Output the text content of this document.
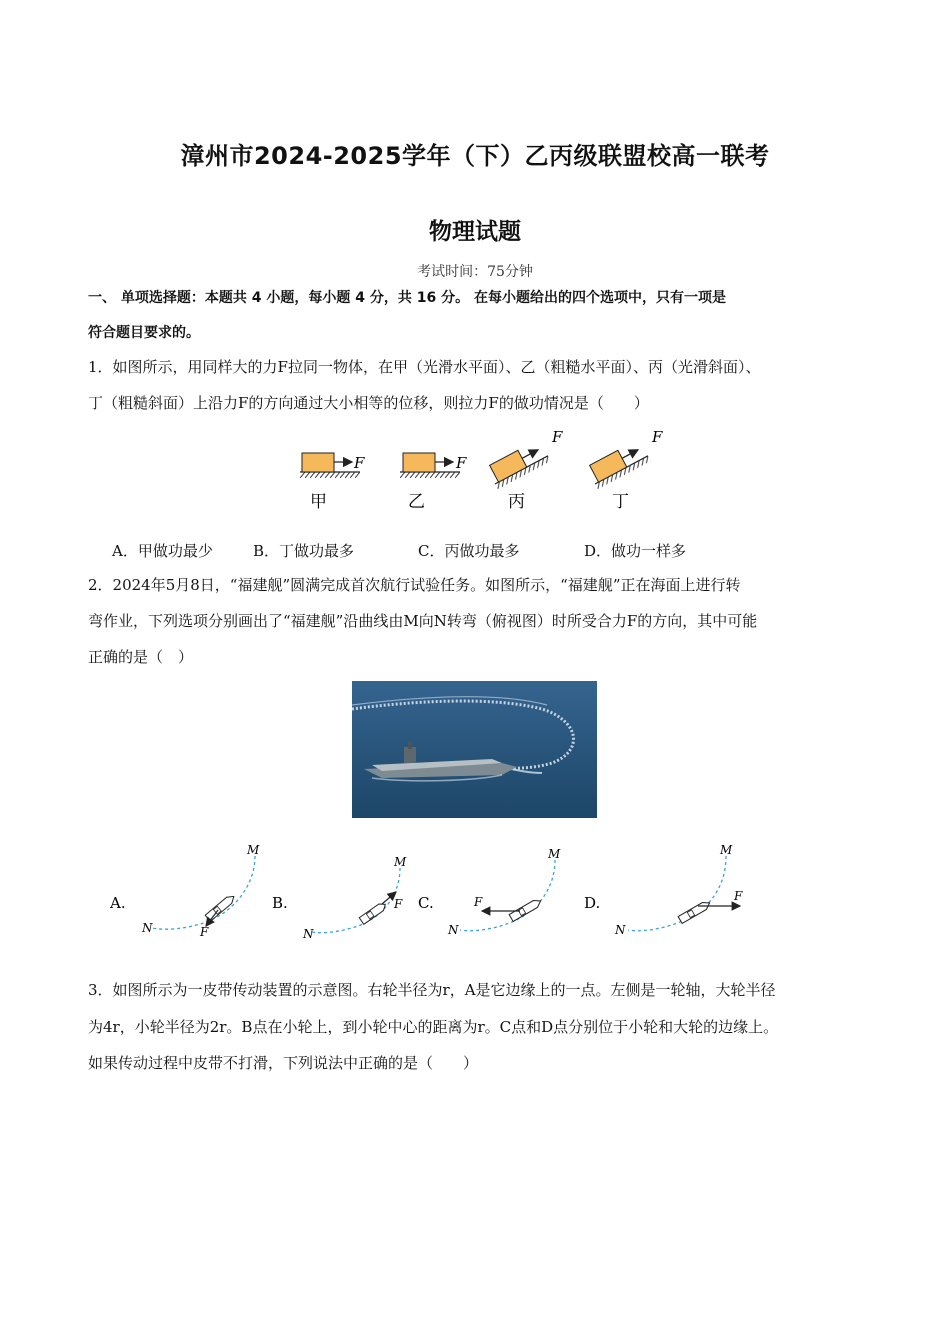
漳州市2024-2025学年（下）乙丙级联盟校高一联考
物理试题
考试时间：75分钟
一、 单项选择题：本题共 4 小题，每小题 4 分，共 16 分。 在每小题给出的四个选项中，只有一项是
符合题目要求的。
1．如图所示，用同样大的力F拉同一物体，在甲（光滑水平面）、乙（粗糙水平面）、丙（光滑斜面）、
丁（粗糙斜面）上沿力F的方向通过大小相等的位移，则拉力F的做功情况是（　　）
F
甲
F
乙
F
丙
F
丁
A．甲做功最少	B．丁做功最多	C．丙做功最多	D．做功一样多
2．2024年5月8日，“福建舰”圆满完成首次航行试验任务。如图所示，“福建舰”正在海面上进行转
弯作业，下列选项分别画出了“福建舰”沿曲线由M向N转弯（俯视图）时所受合力F的方向，其中可能
正确的是（　）
A.
M
N	F
B.
M
N
F C.
M
N
F	D.
M
N
F
3．如图所示为一皮带传动装置的示意图。右轮半径为r，A是它边缘上的一点。左侧是一轮轴，大轮半径
为4r，小轮半径为2r。B点在小轮上，到小轮中心的距离为r。C点和D点分别位于小轮和大轮的边缘上。
如果传动过程中皮带不打滑，下列说法中正确的是（　　）
